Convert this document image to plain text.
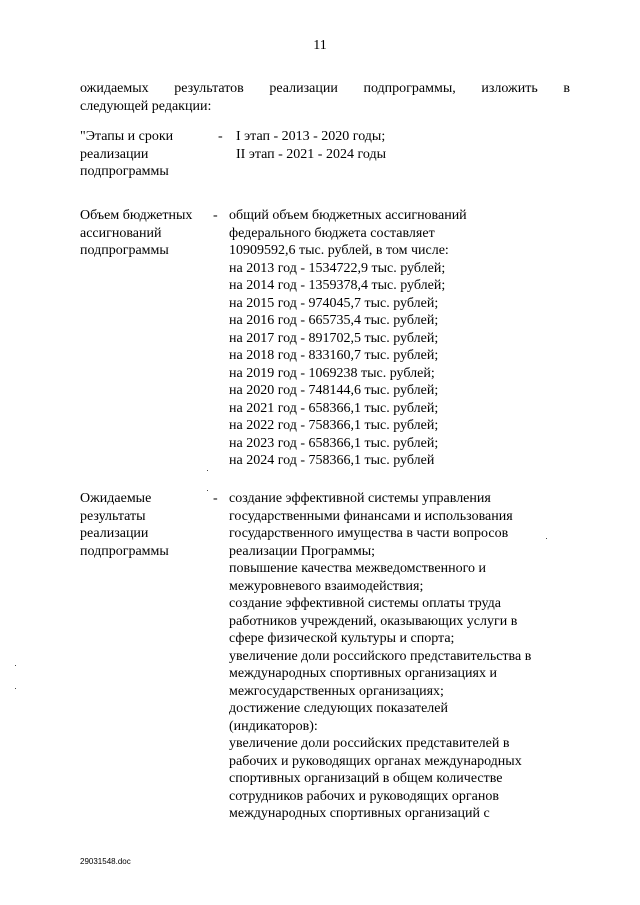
11
ожидаемых результатов реализации подпрограммы, изложить в
следующей редакции:
"Этапы и сроки
реализации
подпрограммы
- I этап - 2013 - 2020 годы;
II этап - 2021 - 2024 годы
Объем бюджетных
ассигнований
подпрограммы
- общий объем бюджетных ассигнований
федерального бюджета составляет
10909592,6 тыс. рублей, в том числе:
на 2013 год - 1534722,9 тыс. рублей;
на 2014 год - 1359378,4 тыс. рублей;
на 2015 год - 974045,7 тыс. рублей;
на 2016 год - 665735,4 тыс. рублей;
на 2017 год - 891702,5 тыс. рублей;
на 2018 год - 833160,7 тыс. рублей;
на 2019 год - 1069238 тыс. рублей;
на 2020 год - 748144,6 тыс. рублей;
на 2021 год - 658366,1 тыс. рублей;
на 2022 год - 758366,1 тыс. рублей;
на 2023 год - 658366,1 тыс. рублей;
на 2024 год - 758366,1 тыс. рублей
Ожидаемые
результаты
реализации
подпрограммы
- создание эффективной системы управления
государственными финансами и использования
государственного имущества в части вопросов
реализации Программы;
повышение качества межведомственного и
межуровневого взаимодействия;
создание эффективной системы оплаты труда
работников учреждений, оказывающих услуги в
сфере физической культуры и спорта;
увеличение доли российского представительства в
международных спортивных организациях и
межгосударственных организациях;
достижение следующих показателей
(индикаторов):
увеличение доли российских представителей в
рабочих и руководящих органах международных
спортивных организаций в общем количестве
сотрудников рабочих и руководящих органов
международных спортивных организаций с
29031548.doc
